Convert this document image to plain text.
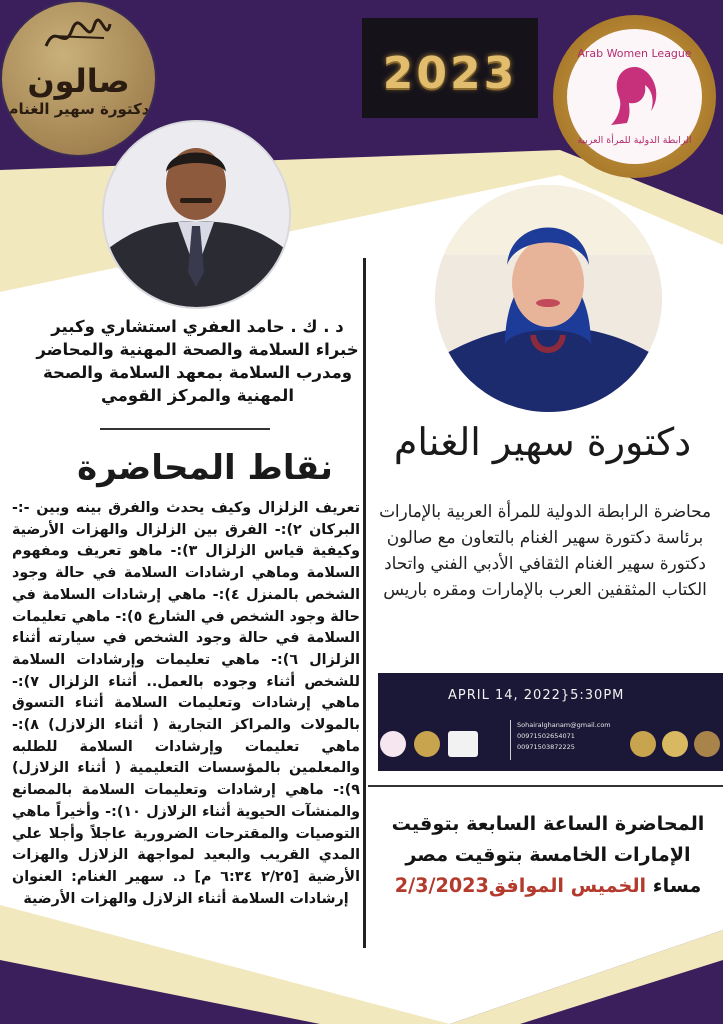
صالون
دكتورة سهير الغنام
2023	Arab Women League
الرابطة الدولية للمرأة العربية
د . ك . حامد العفري استشاري وكبير خبراء السلامة والصحة المهنية والمحاضر ومدرب السلامة بمعهد السلامة والصحة المهنية والمركز القومي
نقاط المحاضرة
تعريف الزلزال وكيف يحدث والفرق بينه وبين -:- البركان ٢):- الفرق بين الزلزال والهزات الأرضية وكيفية قياس الزلزال ٣):- ماهو تعريف ومفهوم السلامة وماهي ارشادات السلامة في حالة وجود الشخص بالمنزل ٤):- ماهي إرشادات السلامة في حالة وجود الشخص في الشارع ٥):- ماهي تعليمات السلامة في حالة وجود الشخص في سيارته أثناء الزلزال ٦):- ماهي تعليمات وإرشادات السلامة للشخص أثناء وجوده بالعمل.. أثناء الزلزال ٧):- ماهي إرشادات وتعليمات السلامة أثناء التسوق بالمولات والمراكز التجارية ( أثناء الزلازل) ٨):- ماهي تعليمات وإرشادات السلامة للطلبه والمعلمين بالمؤسسات التعليمية ( أثناء الزلازل) ٩):- ماهي إرشادات وتعليمات السلامة بالمصانع والمنشآت الحيوية أثناء الزلازل ١٠):- وأخيراً ماهي التوصيات والمقترحات الضرورية عاجلاً وأجلا علي المدي القريب والبعيد لمواجهة الزلازل والهزات الأرضية [٢/٢٥ ٦:٣٤ م] د. سهير الغنام: العنوان إرشادات السلامة أثناء الزلازل والهزات الأرضية
دكتورة سهير الغنام
محاضرة الرابطة الدولية للمرأة العربية بالإمارات برئاسة دكتورة سهير الغنام بالتعاون مع صالون دكتورة سهير الغنام الثقافي الأدبي الفني واتحاد الكتاب المثقفين العرب بالإمارات ومقره باريس
APRIL 14, 2022}5:30PM
Sohairalghanam@gmail.com
00971502654071
00971503872225
المحاضرة الساعة السابعة بتوقيت
الإمارات الخامسة بتوقيت مصر
مساء الخميس الموافق2/3/2023
